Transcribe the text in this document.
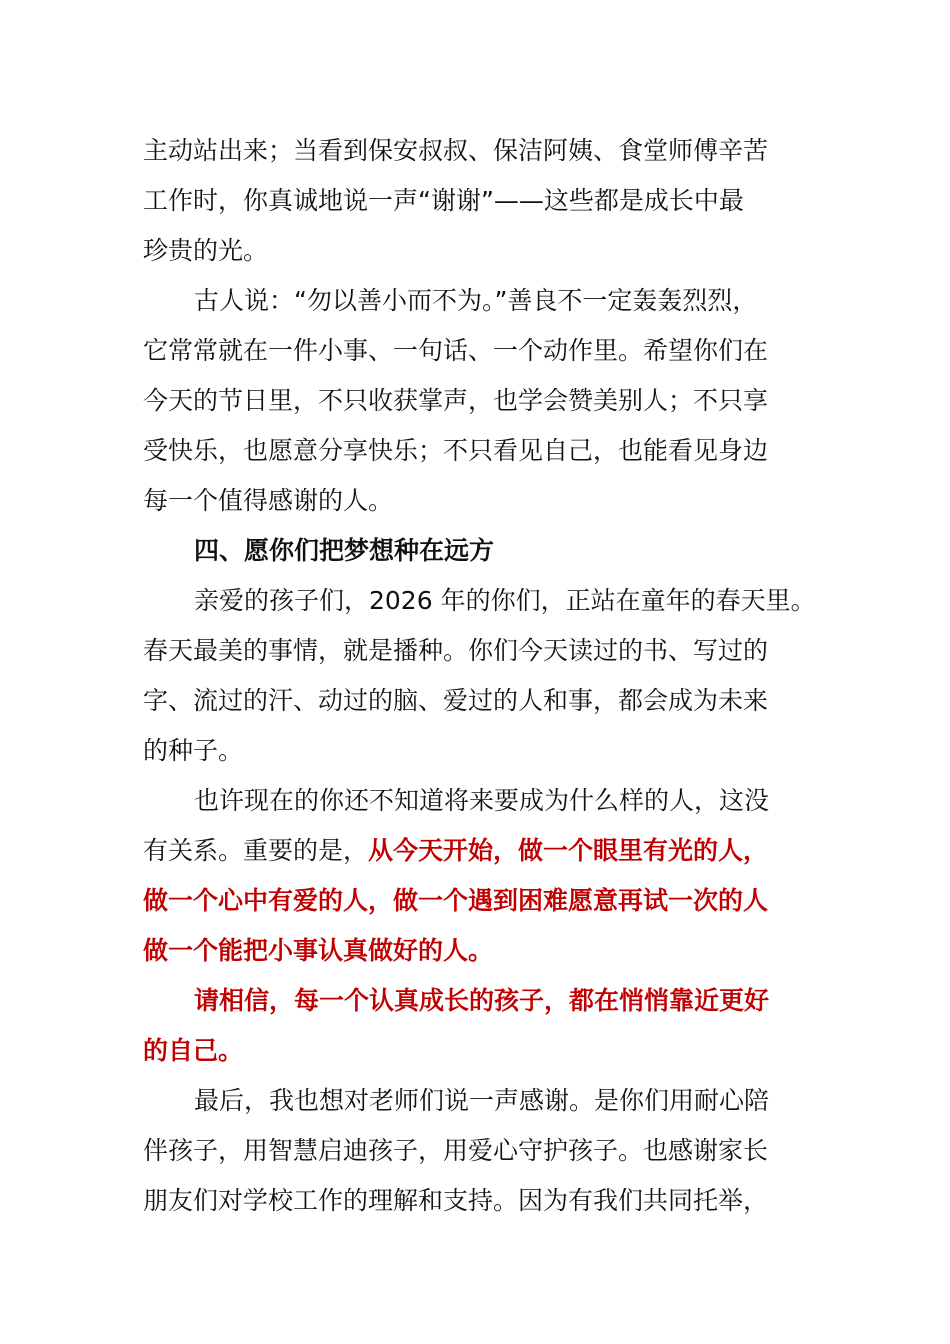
主动站出来；当看到保安叔叔、保洁阿姨、食堂师傅辛苦
工作时，你真诚地说一声“谢谢”——这些都是成长中最
珍贵的光。
古人说：“勿以善小而不为。”善良不一定轰轰烈烈，
它常常就在一件小事、一句话、一个动作里。希望你们在
今天的节日里，不只收获掌声，也学会赞美别人；不只享
受快乐，也愿意分享快乐；不只看见自己，也能看见身边
每一个值得感谢的人。
四、愿你们把梦想种在远方
亲爱的孩子们，2026 年的你们，正站在童年的春天里。
春天最美的事情，就是播种。你们今天读过的书、写过的
字、流过的汗、动过的脑、爱过的人和事，都会成为未来
的种子。
也许现在的你还不知道将来要成为什么样的人，这没
有关系。重要的是，从今天开始，做一个眼里有光的人，
做一个心中有爱的人，做一个遇到困难愿意再试一次的人
做一个能把小事认真做好的人。
请相信，每一个认真成长的孩子，都在悄悄靠近更好
的自己。
最后，我也想对老师们说一声感谢。是你们用耐心陪
伴孩子，用智慧启迪孩子，用爱心守护孩子。也感谢家长
朋友们对学校工作的理解和支持。因为有我们共同托举，
